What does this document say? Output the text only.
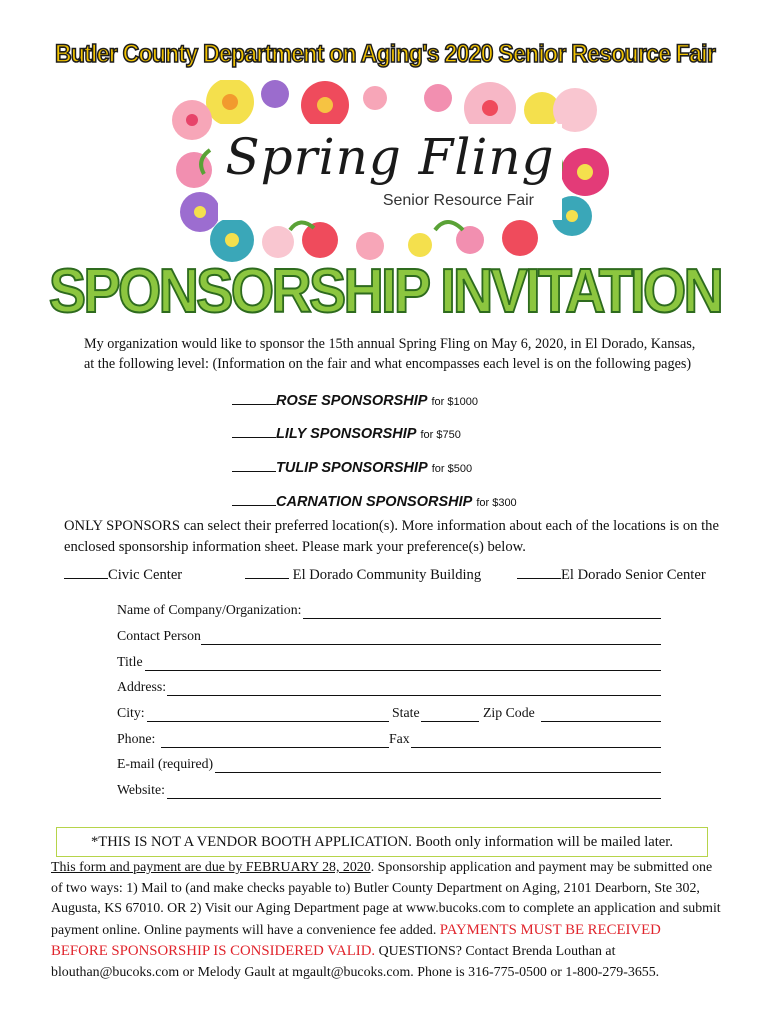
Butler County Department on Aging's 2020 Senior Resource Fair
Spring Fling
Senior Resource Fair
SPONSORSHIP INVITATION
My organization would like to sponsor the 15th annual Spring Fling on May 6, 2020, in El Dorado, Kansas, at the following level: (Information on the fair and what encompasses each level is on the following pages)
ROSE SPONSORSHIP for $1000
LILY SPONSORSHIP for $750
TULIP SPONSORSHIP for $500
CARNATION SPONSORSHIP for $300
ONLY SPONSORS can select their preferred location(s). More information about each of the locations is on the enclosed sponsorship information sheet. Please mark your preference(s) below.
Civic Center	El Dorado Community Building	El Dorado Senior Center
Name of Company/Organization:
Contact Person
Title
Address:
City:	State	Zip Code
Phone:	Fax
E-mail (required)
Website:
*THIS IS NOT A VENDOR BOOTH APPLICATION. Booth only information will be mailed later.
This form and payment are due by FEBRUARY 28, 2020. Sponsorship application and payment may be submitted one of two ways: 1) Mail to (and make checks payable to) Butler County Department on Aging, 2101 Dearborn, Ste 302, Augusta, KS 67010. OR 2) Visit our Aging Department page at www.bucoks.com to complete an application and submit payment online. Online payments will have a convenience fee added. PAYMENTS MUST BE RECEIVED BEFORE SPONSORSHIP IS CONSIDERED VALID. QUESTIONS? Contact Brenda Louthan at blouthan@bucoks.com or Melody Gault at mgault@bucoks.com. Phone is 316-775-0500 or 1-800-279-3655.
